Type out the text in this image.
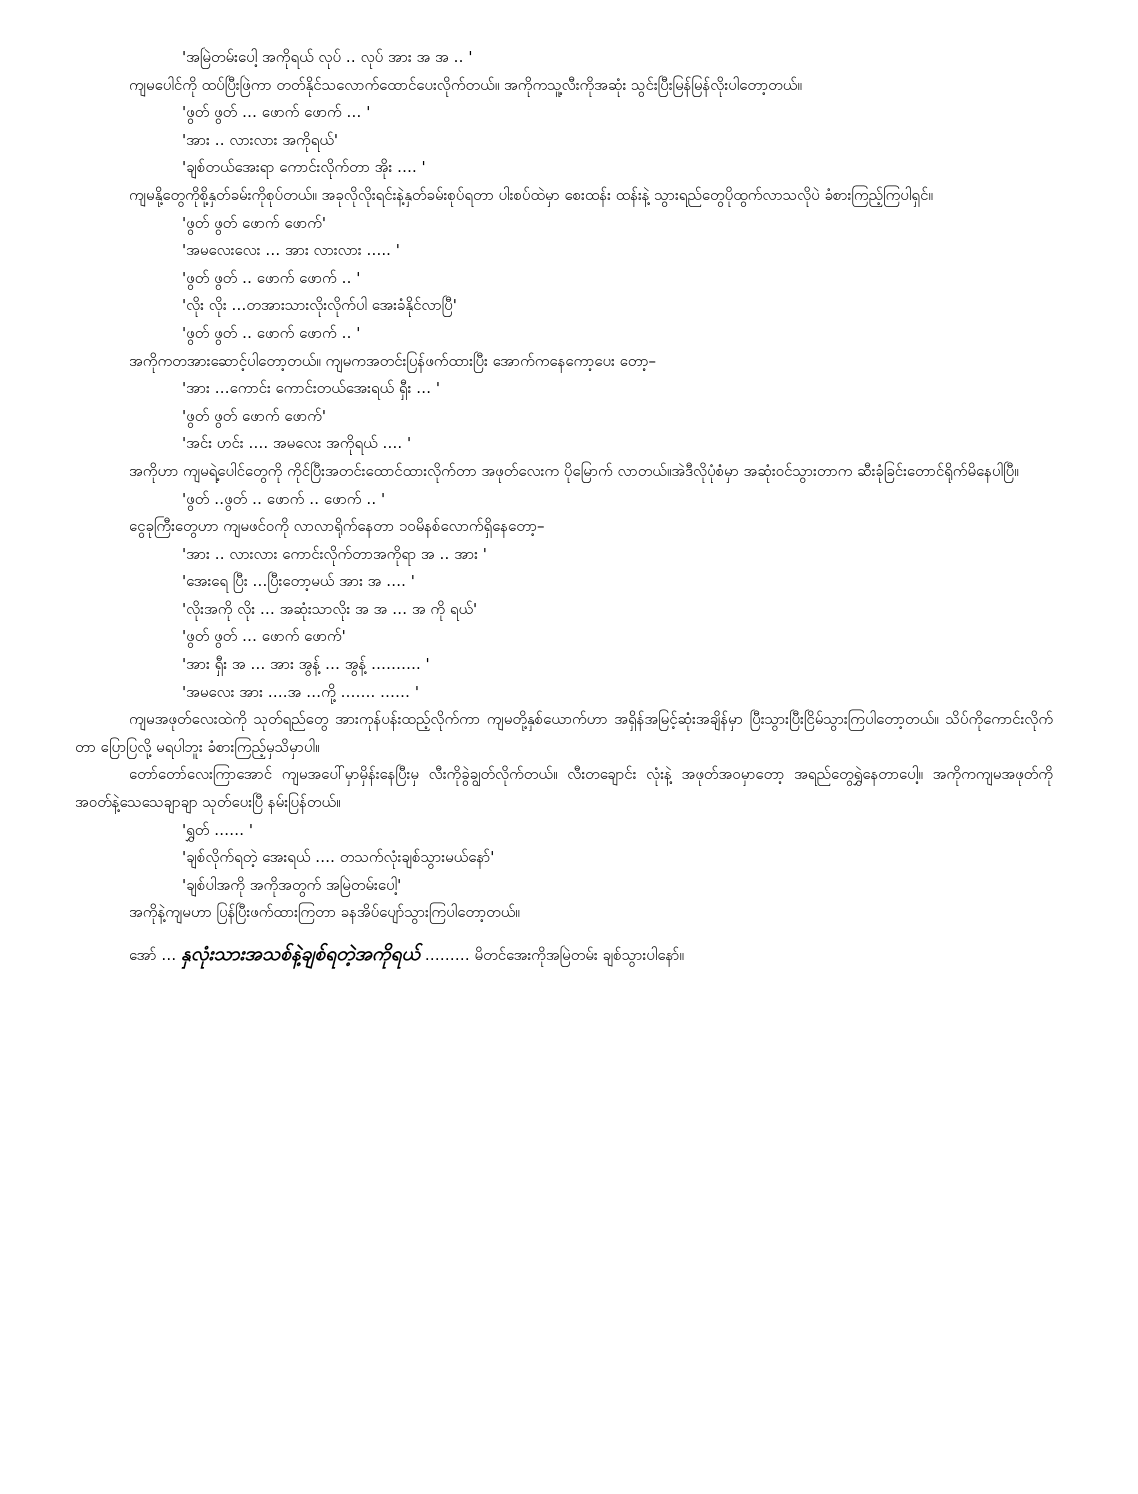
'အမြဲတမ်းပေါ့ အကိုရယ် လုပ် ‥ လုပ် အား အ အ ‥ '
ကျမပေါင်ကို ထပ်ပြီးဖြဲကာ တတ်နိုင်သလောက်ထောင်ပေးလိုက်တယ်။ အကိုကသူ့လီးကိုအဆုံး သွင်းပြီးမြန်မြန်လိုးပါတော့တယ်။
'ဖွတ် ဖွတ် … ဖောက် ဖောက် … '
'အား ‥ လားလား အကိုရယ်'
'ချစ်တယ်အေးရာ ကောင်းလိုက်တာ အိုး …. '
ကျမနို့တွေကိုစို့နှတ်ခမ်းကိုစုပ်တယ်။ အခုလိုလိုးရင်းနဲ့နှတ်ခမ်းစုပ်ရတာ ပါးစပ်ထဲမှာ စေးထန်း ထန်းနဲ့ သွားရည်တွေပိုထွက်လာသလိုပဲ ခံစားကြည့်ကြပါရှင်။
'ဖွတ် ဖွတ် ဖောက် ဖောက်'
'အမလေးလေး … အား လားလား ….. '
'ဖွတ် ဖွတ် ‥ ဖောက် ဖောက် ‥ '
'လိုး လိုး …တအားသားလိုးလိုက်ပါ အေးခံနိုင်လာပြီ'
'ဖွတ် ဖွတ် ‥ ဖောက် ဖောက် ‥ '
အကိုကတအားဆောင့်ပါတော့တယ်။ ကျမကအတင်းပြန်ဖက်ထားပြီး အောက်ကနေကော့ပေး တော့–
'အား …ကောင်း ကောင်းတယ်အေးရယ် ရှီး … '
'ဖွတ် ဖွတ် ဖောက် ဖောက်'
'အင်း ဟင်း …. အမလေး အကိုရယ် …. '
အကိုဟာ ကျမရဲ့ပေါင်တွေကို ကိုင်ပြီးအတင်းထောင်ထားလိုက်တာ အဖုတ်လေးက ပိုမြောက် လာတယ်။အဲဒီလိုပုံစံမှာ အဆုံးဝင်သွားတာက ဆီးခုံခြင်းတောင်ရိုက်မိနေပါပြီ။
'ဖွတ် ‥ဖွတ် ‥ ဖောက် ‥ ဖောက် ‥ '
ငွေခုကြီးတွေဟာ ကျမဖင်ဝကို လာလာရိုက်နေတာ ၁၀မိနစ်လောက်ရှိနေတော့–
'အား ‥ လားလား ကောင်းလိုက်တာအကိုရာ အ ‥ အား '
'အေးရေ ပြီး …ပြီးတော့မယ် အား အ …. '
'လိုးအကို လိုး … အဆုံးသာလိုး အ အ … အ ကို ရယ်'
'ဖွတ် ဖွတ် … ဖောက် ဖောက်'
'အား ရှီး အ … အား အွန့် … အွန့် ………. '
'အမလေး အား ….အ …ကို့ ……. …… '
ကျမအဖုတ်လေးထဲကို သုတ်ရည်တွေ အားကုန်ပန်းထည့်လိုက်ကာ ကျမတို့နှစ်ယောက်ဟာ အရှိန်အမြင့်ဆုံးအချိန်မှာ ပြီးသွားပြီးငြိမ်သွားကြပါတော့တယ်။ သိပ်ကိုကောင်းလိုက်တာ ပြောပြလို့ မရပါဘူး ခံစားကြည့်မှသိမှာပါ။
တော်တော်လေးကြာအောင် ကျမအပေါ်မှာမှိန်းနေပြီးမှ လီးကိုခွဲချွတ်လိုက်တယ်။ လီးတချောင်း လုံးနဲ့ အဖုတ်အဝမှာတော့ အရည်တွေရွှဲနေတာပေါ့။ အကိုကကျမအဖုတ်ကို အဝတ်နဲ့သေသေချာချာ သုတ်ပေးပြီ နမ်းပြန်တယ်။
'ရွှတ် …… '
'ချစ်လိုက်ရတဲ့ အေးရယ် …. တသက်လုံးချစ်သွားမယ်နော်'
'ချစ်ပါအကို အကိုအတွက် အမြဲတမ်းပေါ့'
အကိုနဲ့ကျမဟာ ပြန်ပြီးဖက်ထားကြတာ ခနအိပ်ပျော်သွားကြပါတော့တယ်။
အော် … နှလုံးသားအသစ်နဲ့ချစ်ရတဲ့အကိုရယ် ……… မိတင်အေးကိုအမြဲတမ်း ချစ်သွားပါနော်။
